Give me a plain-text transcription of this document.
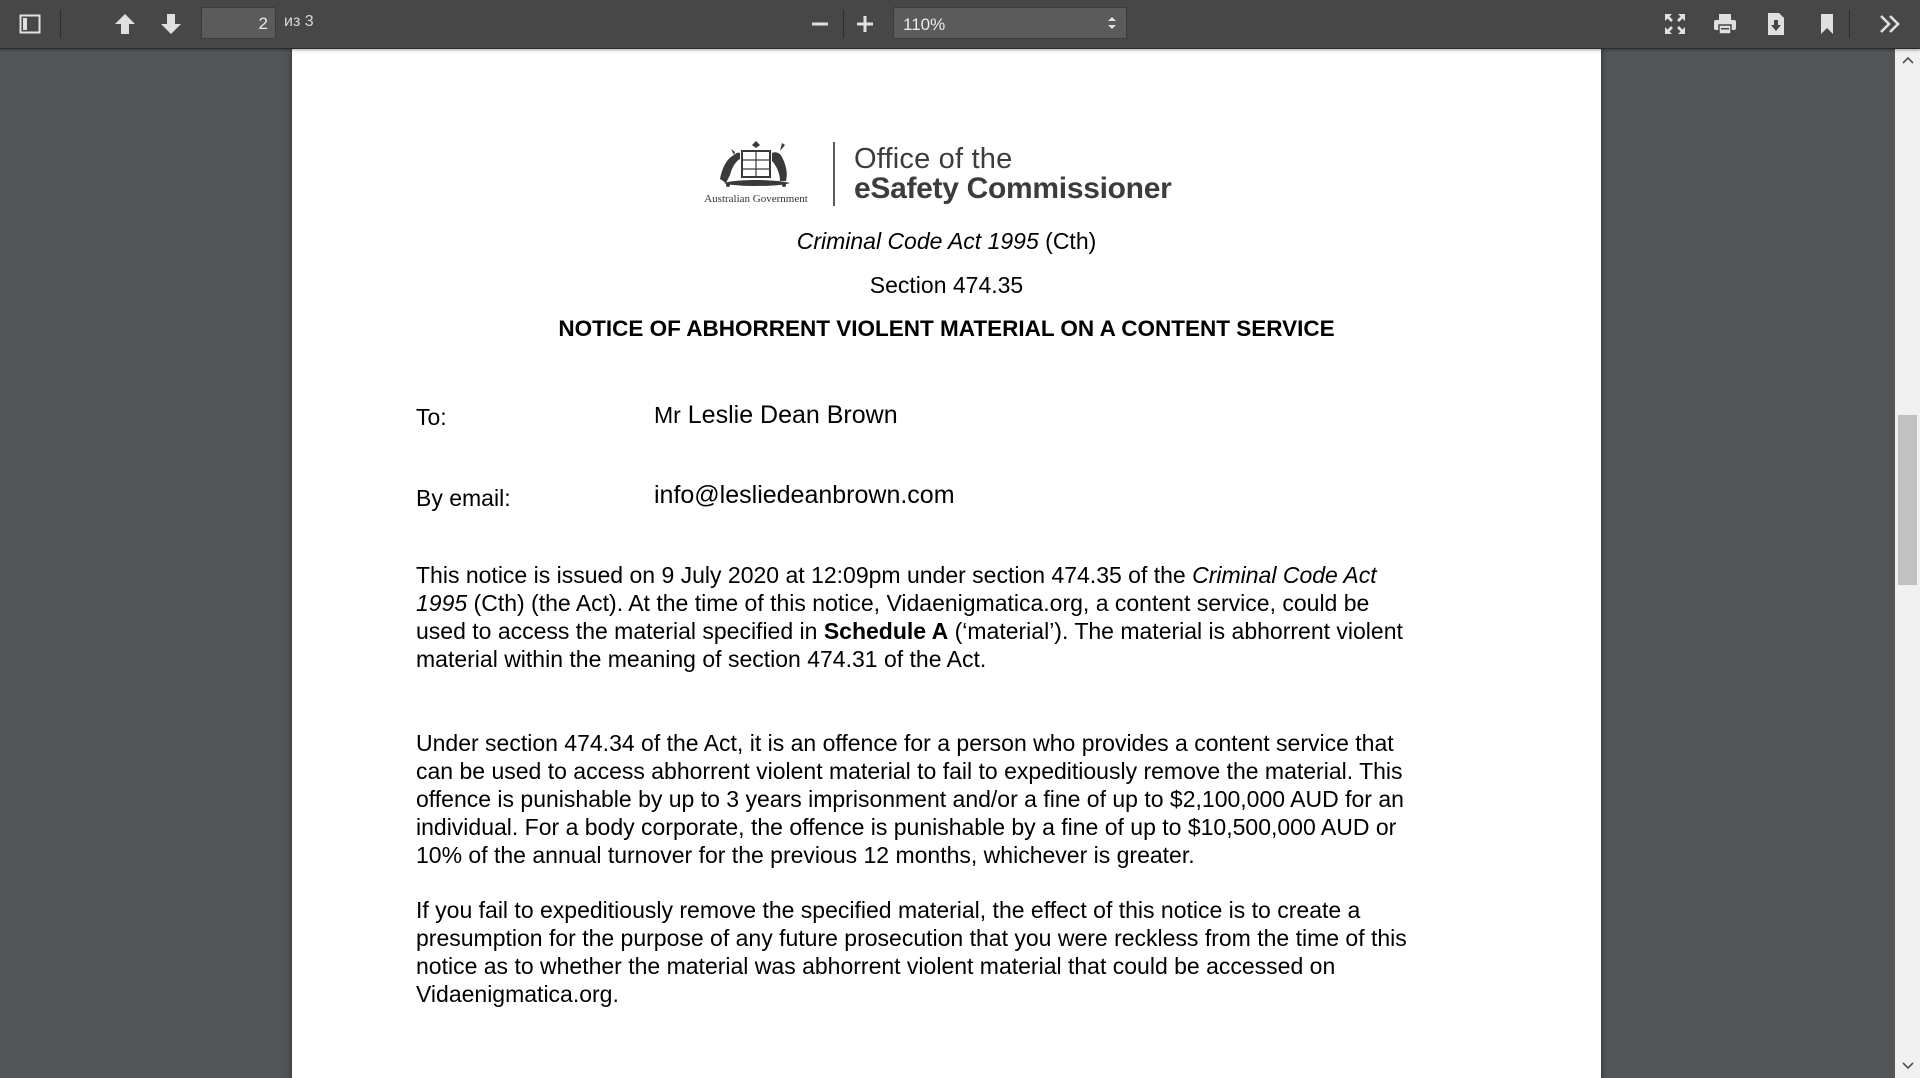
2	из 3	110%
Australian Government
Office of the
eSafety Commissioner
Criminal Code Act 1995 (Cth)
Section 474.35
NOTICE OF ABHORRENT VIOLENT MATERIAL ON A CONTENT SERVICE
To:	Mr Leslie Dean Brown
By email:	info@lesliedeanbrown.com
This notice is issued on 9 July 2020 at 12:09pm under section 474.35 of the Criminal Code Act
1995 (Cth) (the Act). At the time of this notice, Vidaenigmatica.org, a content service, could be
used to access the material specified in Schedule A (‘material’). The material is abhorrent violent
material within the meaning of section 474.31 of the Act.
Under section 474.34 of the Act, it is an offence for a person who provides a content service that
can be used to access abhorrent violent material to fail to expeditiously remove the material. This
offence is punishable by up to 3 years imprisonment and/or a fine of up to $2,100,000 AUD for an
individual. For a body corporate, the offence is punishable by a fine of up to $10,500,000 AUD or
10% of the annual turnover for the previous 12 months, whichever is greater.
If you fail to expeditiously remove the specified material, the effect of this notice is to create a
presumption for the purpose of any future prosecution that you were reckless from the time of this
notice as to whether the material was abhorrent violent material that could be accessed on
Vidaenigmatica.org.
